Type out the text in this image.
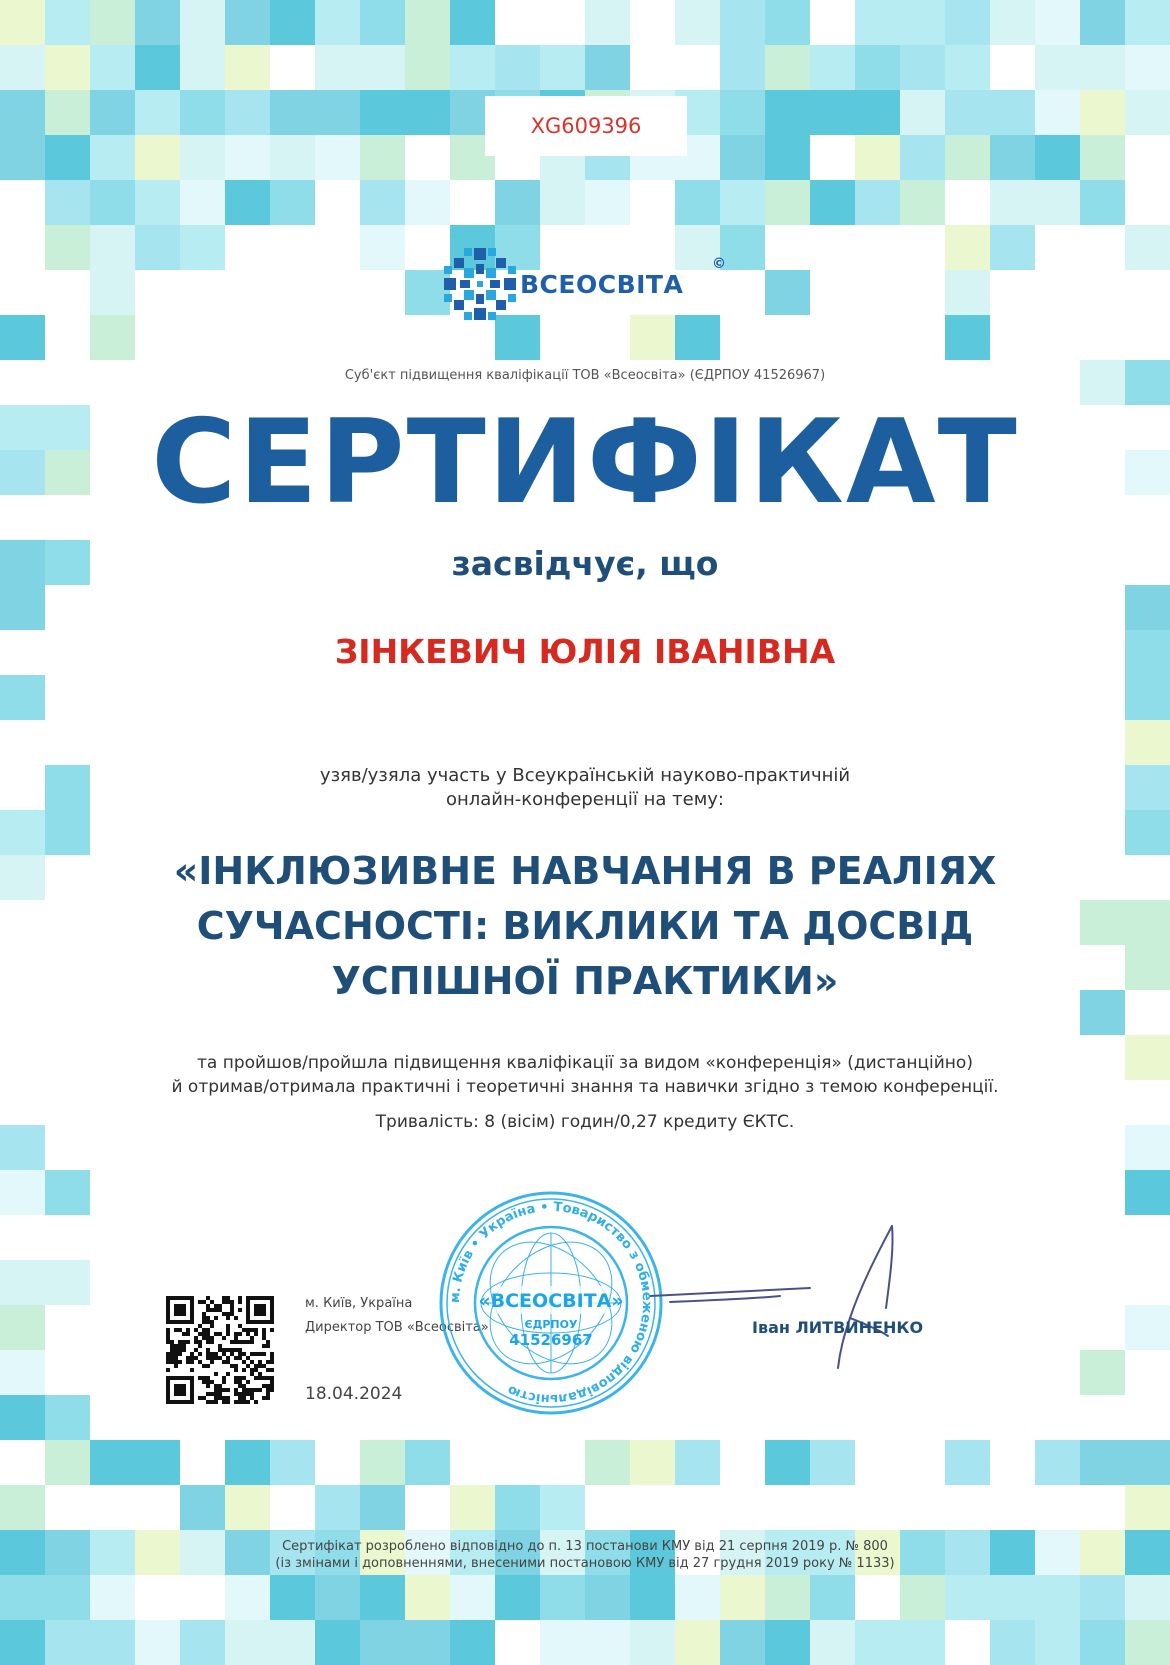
XG609396
ВСЕОСВІТА
©
Суб'єкт підвищення кваліфікації ТОВ «Всеосвіта» (ЄДРПОУ 41526967)
СЕРТИФІКАТ
засвідчує, що
ЗІНКЕВИЧ ЮЛІЯ ІВАНІВНА
узяв/узяла участь у Всеукраїнській науково-практичній
онлайн-конференції на тему:
«ІНКЛЮЗИВНЕ НАВЧАННЯ В РЕАЛІЯХ
СУЧАСНОСТІ: ВИКЛИКИ ТА ДОСВІД
УСПІШНОЇ ПРАКТИКИ»
та пройшов/пройшла підвищення кваліфікації за видом «конференція» (дистанційно)
й отримав/отримала практичні і теоретичні знання та навички згідно з темою конференції.
Тривалість: 8 (вісім) годин/0,27 кредиту ЄКТС.
м. Київ, Україна
Директор ТОВ «Всеосвіта»
18.04.2024
м. Київ • Україна • Товариство з обмеженою відповідальністю
«ВСЕОСВІТА»
ЄДРПОУ
41526967
Іван ЛИТВИНЕНКО
Сертифікат розроблено відповідно до п. 13 постанови КМУ від 21 серпня 2019 р. № 800
(із змінами і доповненнями, внесеними постановою КМУ від 27 грудня 2019 року № 1133)
